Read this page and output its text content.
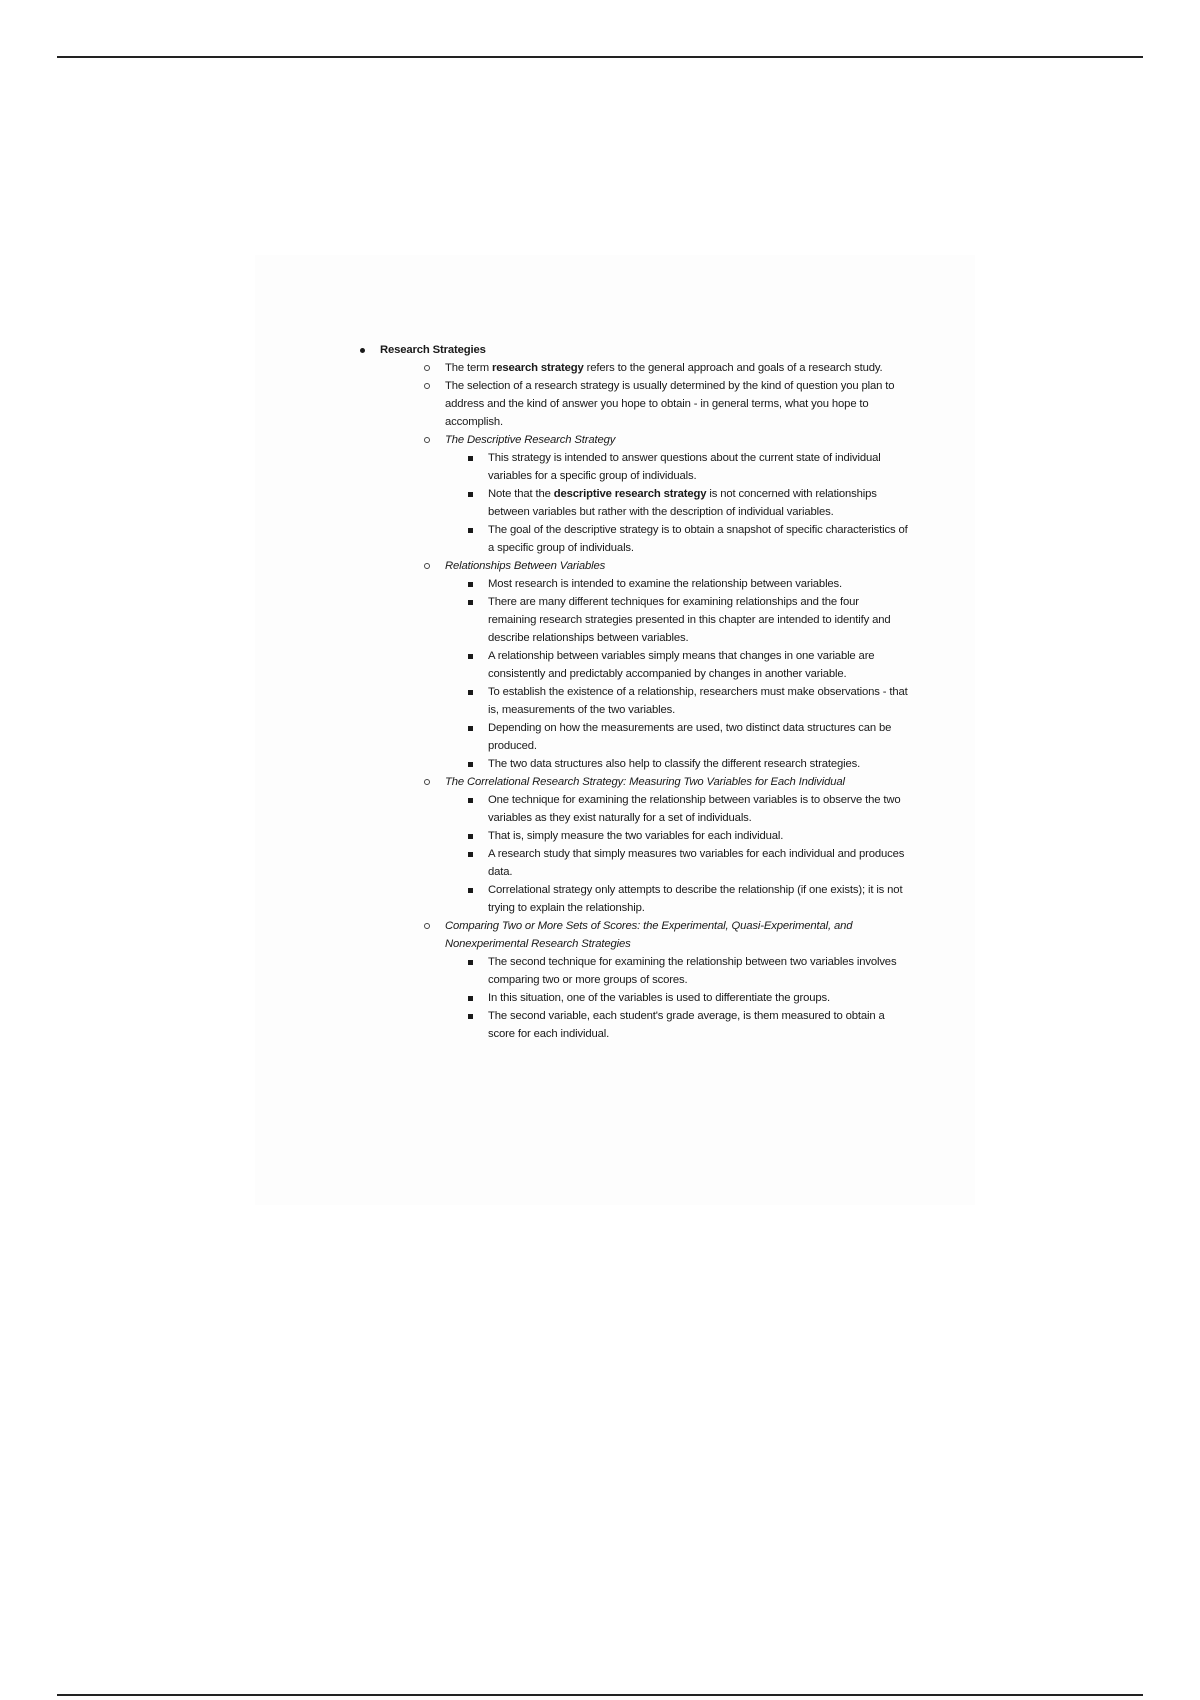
Research Strategies
The term research strategy refers to the general approach and goals of a research study.
The selection of a research strategy is usually determined by the kind of question you plan to address and the kind of answer you hope to obtain - in general terms, what you hope to accomplish.
The Descriptive Research Strategy
This strategy is intended to answer questions about the current state of individual variables for a specific group of individuals.
Note that the descriptive research strategy is not concerned with relationships between variables but rather with the description of individual variables.
The goal of the descriptive strategy is to obtain a snapshot of specific characteristics of a specific group of individuals.
Relationships Between Variables
Most research is intended to examine the relationship between variables.
There are many different techniques for examining relationships and the four remaining research strategies presented in this chapter are intended to identify and describe relationships between variables.
A relationship between variables simply means that changes in one variable are consistently and predictably accompanied by changes in another variable.
To establish the existence of a relationship, researchers must make observations - that is, measurements of the two variables.
Depending on how the measurements are used, two distinct data structures can be produced.
The two data structures also help to classify the different research strategies.
The Correlational Research Strategy: Measuring Two Variables for Each Individual
One technique for examining the relationship between variables is to observe the two variables as they exist naturally for a set of individuals.
That is, simply measure the two variables for each individual.
A research study that simply measures two variables for each individual and produces data.
Correlational strategy only attempts to describe the relationship (if one exists); it is not trying to explain the relationship.
Comparing Two or More Sets of Scores: the Experimental, Quasi-Experimental, and Nonexperimental Research Strategies
The second technique for examining the relationship between two variables involves comparing two or more groups of scores.
In this situation, one of the variables is used to differentiate the groups.
The second variable, each student's grade average, is them measured to obtain a score for each individual.
